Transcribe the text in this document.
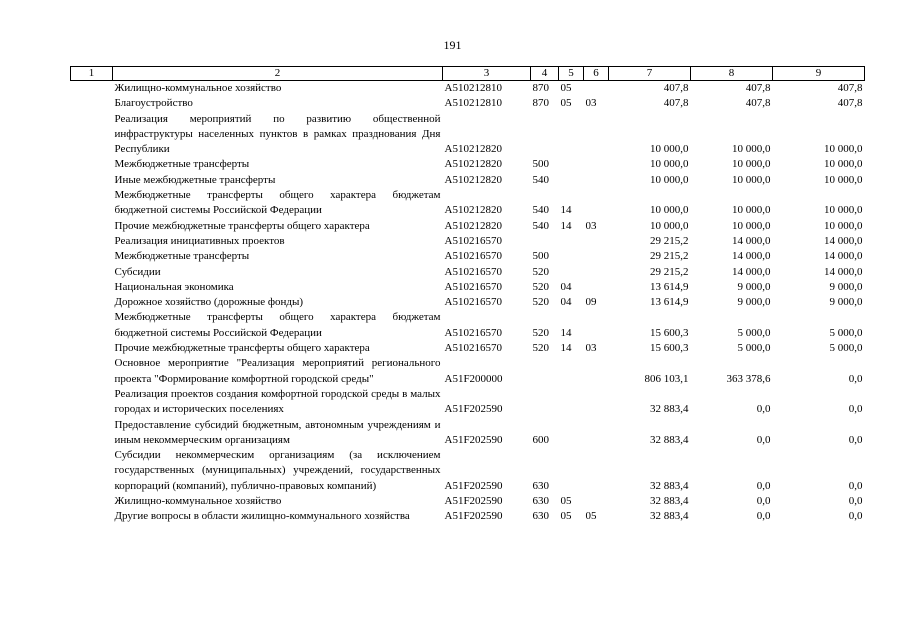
191
1	2	3	4	5	6	7	8	9
	Жилищно-коммунальное хозяйство	А510212810	870	05		407,8	407,8	407,8
	Благоустройство	А510212810	870	05	03	407,8	407,8	407,8
	Реализация мероприятий по развитию общественной инфраструктуры населенных пунктов в рамках празднования Дня Республики	А510212820				10 000,0	10 000,0	10 000,0
	Межбюджетные трансферты	А510212820	500			10 000,0	10 000,0	10 000,0
	Иные межбюджетные трансферты	А510212820	540			10 000,0	10 000,0	10 000,0
	Межбюджетные трансферты общего характера бюджетам бюджетной системы Российской Федерации	А510212820	540	14		10 000,0	10 000,0	10 000,0
	Прочие межбюджетные трансферты общего характера	А510212820	540	14	03	10 000,0	10 000,0	10 000,0
	Реализация инициативных проектов	А510216570				29 215,2	14 000,0	14 000,0
	Межбюджетные трансферты	А510216570	500			29 215,2	14 000,0	14 000,0
	Субсидии	А510216570	520			29 215,2	14 000,0	14 000,0
	Национальная экономика	А510216570	520	04		13 614,9	9 000,0	9 000,0
	Дорожное хозяйство (дорожные фонды)	А510216570	520	04	09	13 614,9	9 000,0	9 000,0
	Межбюджетные трансферты общего характера бюджетам бюджетной системы Российской Федерации	А510216570	520	14		15 600,3	5 000,0	5 000,0
	Прочие межбюджетные трансферты общего характера	А510216570	520	14	03	15 600,3	5 000,0	5 000,0
	Основное мероприятие "Реализация мероприятий регионального проекта "Формирование комфортной городской среды"	А51F200000				806 103,1	363 378,6	0,0
	Реализация проектов создания комфортной городской среды в малых городах и исторических поселениях	А51F202590				32 883,4	0,0	0,0
	Предоставление субсидий бюджетным, автономным учреждениям и иным некоммерческим организациям	А51F202590	600			32 883,4	0,0	0,0
	Субсидии некоммерческим организациям (за исключением государственных (муниципальных) учреждений, государственных корпораций (компаний), публично-правовых компаний)	А51F202590	630			32 883,4	0,0	0,0
	Жилищно-коммунальное хозяйство	А51F202590	630	05		32 883,4	0,0	0,0
	Другие вопросы в области жилищно-коммунального хозяйства	А51F202590	630	05	05	32 883,4	0,0	0,0
